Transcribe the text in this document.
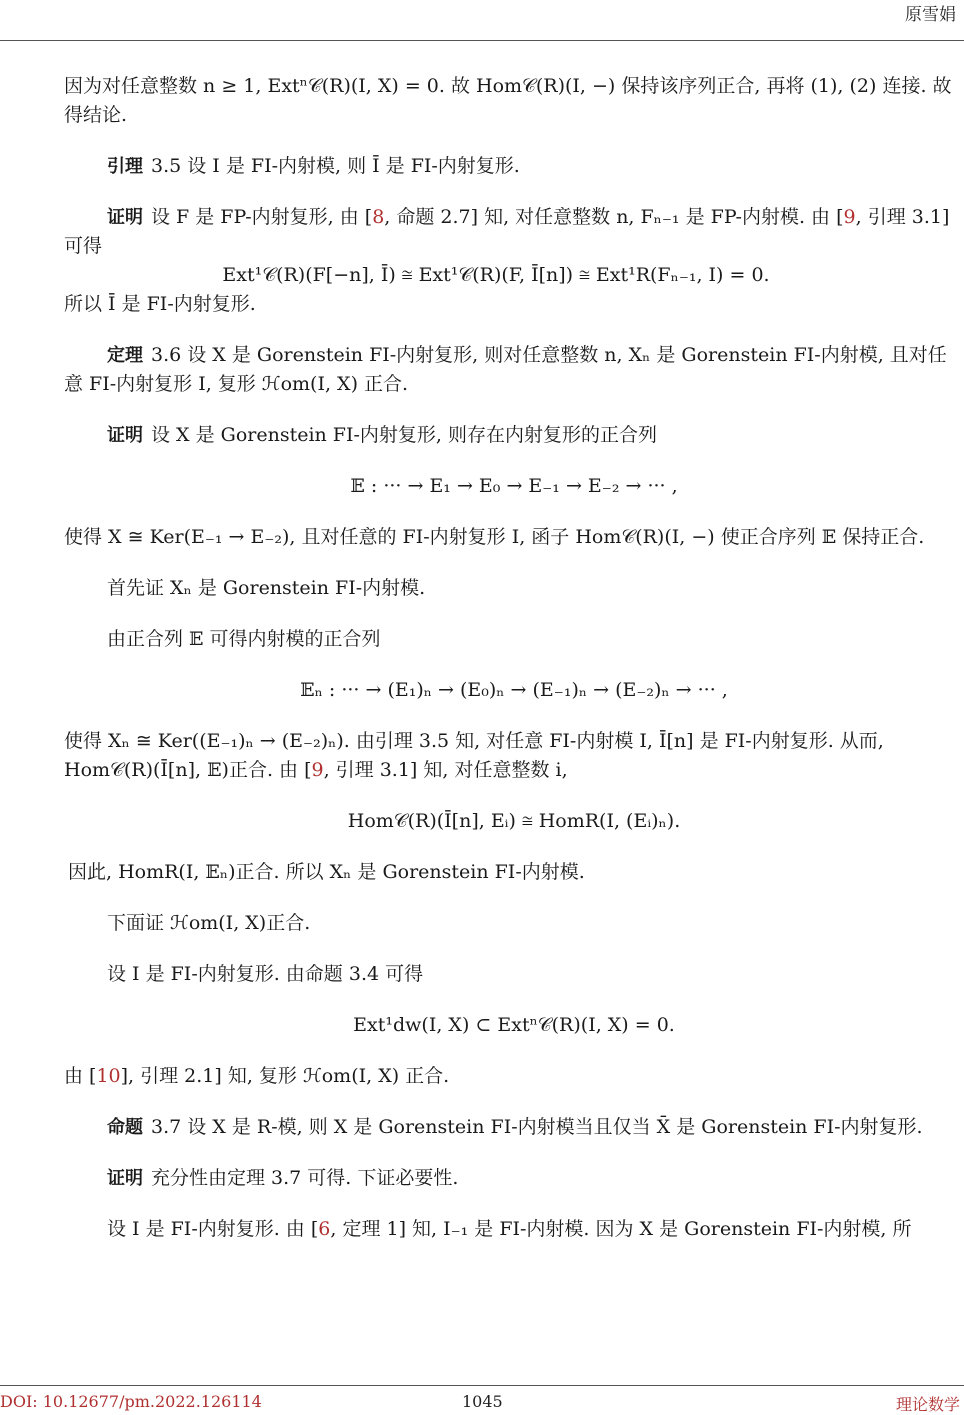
原雪娟

因为对任意整数 n ≥ 1, Extⁿ𝒞(R)(I, X) = 0. 故 Hom𝒞(R)(I, −) 保持该序列正合, 再将 (1), (2) 连接. 故得结论.

引理 3.5 设 I 是 FI-内射模, 则 Ī 是 FI-内射复形.

证明 设 F 是 FP-内射复形, 由 [8, 命题 2.7] 知, 对任意整数 n, Fₙ₋₁ 是 FP-内射模. 由 [9, 引理 3.1] 可得

Ext¹𝒞(R)(F[−n], Ī) ≅ Ext¹𝒞(R)(F, Ī[n]) ≅ Ext¹R(Fₙ₋₁, I) = 0.

所以 Ī 是 FI-内射复形.

定理 3.6 设 X 是 Gorenstein FI-内射复形, 则对任意整数 n, Xₙ 是 Gorenstein FI-内射模, 且对任意 FI-内射复形 I, 复形 ℋom(I, X) 正合.

证明 设 X 是 Gorenstein FI-内射复形, 则存在内射复形的正合列

𝔼 : ··· → E₁ → E₀ → E₋₁ → E₋₂ → ··· ,

使得 X ≅ Ker(E₋₁ → E₋₂), 且对任意的 FI-内射复形 I, 函子 Hom𝒞(R)(I, −) 使正合序列 𝔼 保持正合.

首先证 Xₙ 是 Gorenstein FI-内射模.

由正合列 𝔼 可得内射模的正合列

𝔼ₙ : ··· → (E₁)ₙ → (E₀)ₙ → (E₋₁)ₙ → (E₋₂)ₙ → ··· ,

使得 Xₙ ≅ Ker((E₋₁)ₙ → (E₋₂)ₙ). 由引理 3.5 知, 对任意 FI-内射模 I, Ī[n] 是 FI-内射复形. 从而, Hom𝒞(R)(Ī[n], 𝔼)正合. 由 [9, 引理 3.1] 知, 对任意整数 i,

Hom𝒞(R)(Ī[n], Eᵢ) ≅ HomR(I, (Eᵢ)ₙ).

因此, HomR(I, 𝔼ₙ)正合. 所以 Xₙ 是 Gorenstein FI-内射模.

下面证 ℋom(I, X)正合.

设 I 是 FI-内射复形. 由命题 3.4 可得

Ext¹dw(I, X) ⊂ Extⁿ𝒞(R)(I, X) = 0.

由 [10], 引理 2.1] 知, 复形 ℋom(I, X) 正合.

命题 3.7 设 X 是 R-模, 则 X 是 Gorenstein FI-内射模当且仅当 X̄ 是 Gorenstein FI-内射复形.

证明 充分性由定理 3.7 可得. 下证必要性.

设 I 是 FI-内射复形. 由 [6, 定理 1] 知, I₋₁ 是 FI-内射模. 因为 X 是 Gorenstein FI-内射模, 所

DOI: 10.12677/pm.2022.126114	1045	理论数学
